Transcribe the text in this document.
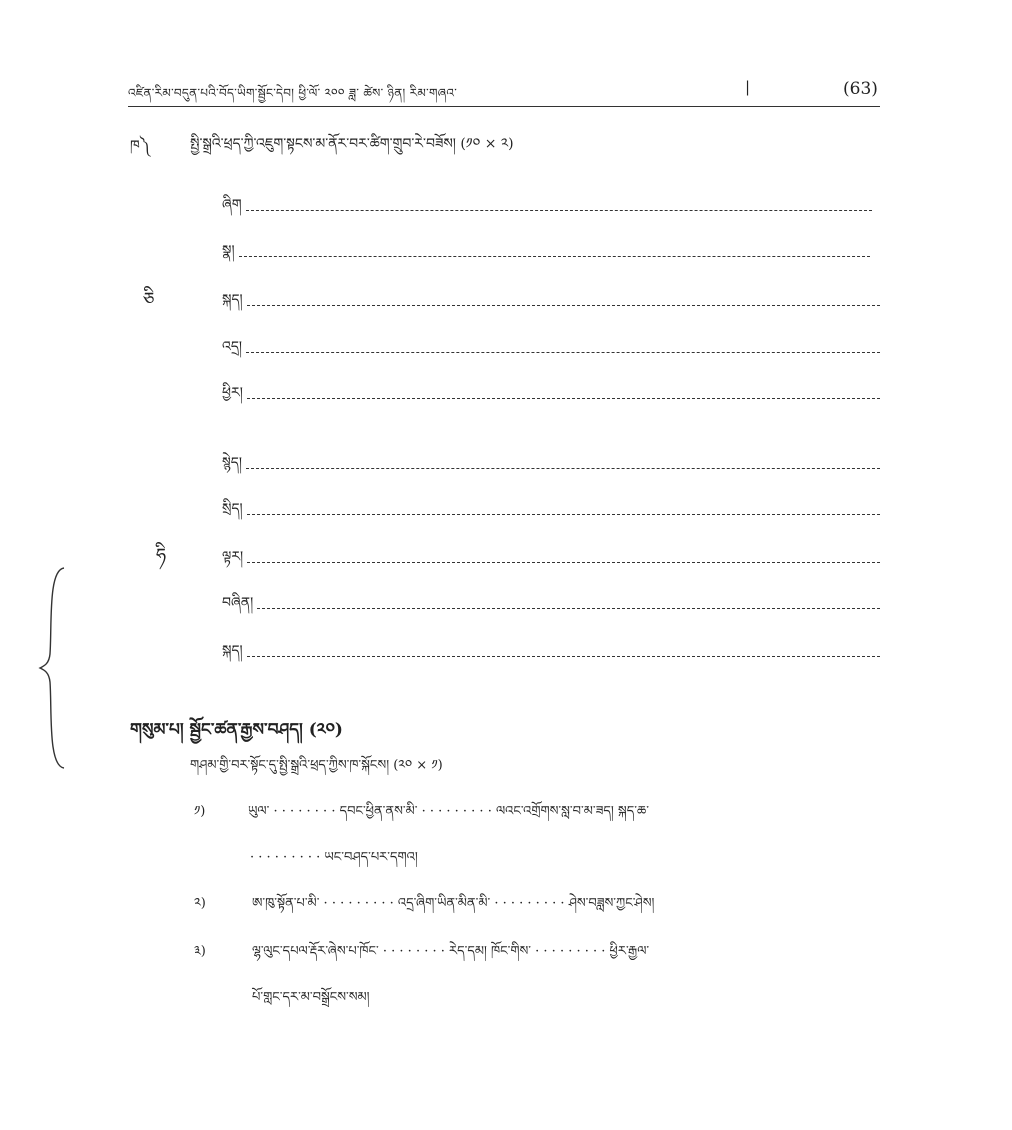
འཛིན་རིམ་བདུན་པའི་བོད་ཡིག་སྦྱོང་དེབ། ཕྱི་ལོ་ ༢༠༠ ཟླ་ ཚེས་ ཉིན། རིམ་གཞའ་	|	(63)
ཁ༽	སྤྱི་སྒྲའི་ཕྲད་ཀྱི་འཇུག་སྟངས་མ་ནོར་བར་ཚིག་གྲུབ་རེ་བཟོས། (༡༠ × ༢)
ཅི
ཞིག
སྣ།
སྐད།
འདྲ།
ཕྱིར།
ཧི
སྙེད།
སྲིད།
ལྟར།
བཞིན།
སྐད།
གསུམ་པ། སྦྱོང་ཚན་རྒྱས་བཤད། (༢༠)
གཤམ་གྱི་བར་སྟོང་དུ་སྤྱི་སྒྲའི་ཕྲད་ཀྱིས་ཁ་སྐོངས། (༢༠ × ༡)
༡)	ཡུལ་ · · · · · · · · དབང་ཕྱིན་ནས་མི་ · · · · · · · · · ལའང་འགྲོགས་སླ་བ་མ་ཟད། སྐད་ཆ་
· · · · · · · · · ཡང་བཤད་པར་དགའ།
༢)	ཨ་ཁུ་སྟོན་པ་མི་ · · · · · · · · · འདྲ་ཞིག་ཡིན་མིན་མི་ · · · · · · · · · ཤེས་བཟླས་ཀྱང་ཤེས།
༣)	ལྷ་ལུང་དཔལ་རྡོར་ཞེས་པ་ཁོང་ · · · · · · · · རེད་དམ། ཁོང་གིས་ · · · · · · · · · ཕྱིར་རྒྱལ་
པོ་གླང་དར་མ་བསྒྲོངས་སམ།
